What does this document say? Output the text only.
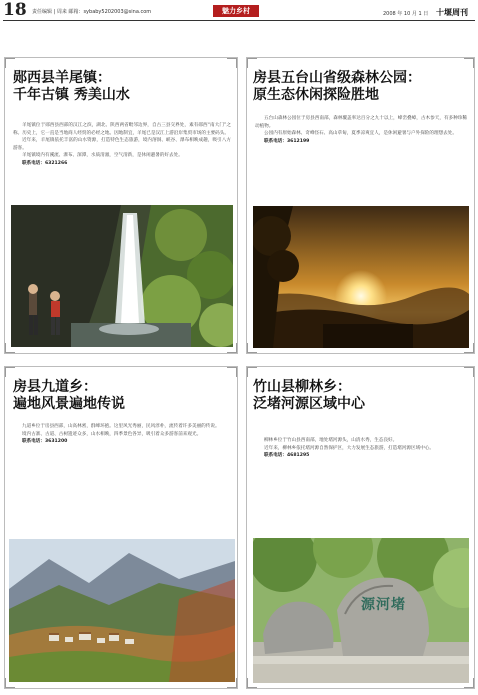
18 责任编辑 | 周来 邮箱：sybaby5202003@sina.com	魅力乡村	2008 年 10 月 1 日 十堰周刊
郧西县羊尾镇：
千年古镇 秀美山水

羊尾镇位于郧西县西部的汉江之滨，湖北、陕西两省毗邻边界，自古三县交界处，素有郧西“南大门”之称。历史上，它一直是当地商人经贸的必经之地。因地制宜，羊尾已是汉江上游沿岸集贸市场的主要码头。

近年来，羊尾镇依托丰富的山水资源，打造特色生态旅游，境内溶洞、峡谷、瀑布相映成趣，吸引八方游客。

羊尾镇境内有溪流、瀑布、深潭，水质清澈，空气清新，是休闲避暑的好去处。

联系电话：6321266

房县五台山省级森林公园：
原生态休闲探险胜地

五台山森林公园位于房县西南部，森林覆盖率达百分之九十以上，峰峦叠嶂，古木参天，有多种珍稀动植物。

公园内有原始森林、奇峰怪石、高山草甸，夏季凉爽宜人，是休闲避暑与户外探险的理想去处。

联系电话：3612199

房县九道乡：
遍地风景遍地传说

九道乡位于房县西部，山高林密，群峰环抱。这里风光秀丽，民风淳朴，流传着许多美丽的传说。

境内古寨、古道、古树遗迹众多，山水相映，四季景色各异，吸引着众多游客前来观光。

联系电话：3631200

竹山县柳林乡：
泛堵河源区域中心

柳林乡位于竹山县西南部，地处堵河源头，山清水秀，生态良好。

近年来，柳林乡依托堵河源自然保护区，大力发展生态旅游，打造堵河源区域中心。

联系电话：4681295

源河堵
